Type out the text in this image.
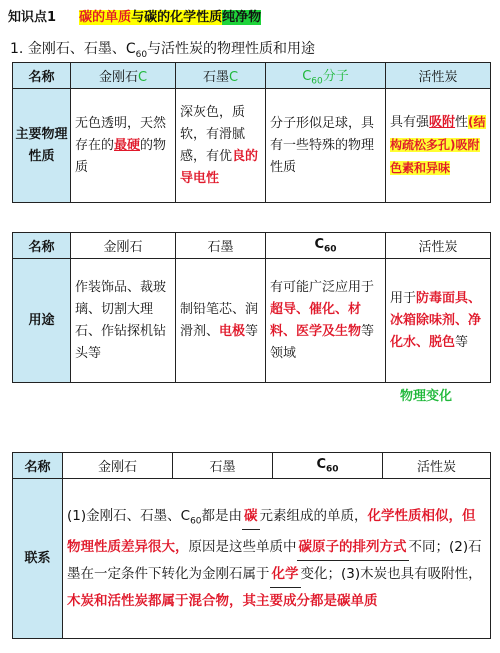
知识点1 碳的单质与碳的化学性质纯净物
1. 金刚石、石墨、$C_{60}$与活性炭的物理性质和用途
名称	金刚石C	石墨C	$C_{60}$分子	活性炭
主要物理性质	无色透明，天然存在的最硬的物质	深灰色，质软，有滑腻感，有优良的导电性	分子形似足球，具有一些特殊的物理性质	具有强吸附性(结构疏松多孔)吸附色素和异味
名称	金刚石	石墨	$C_{60}$	活性炭
用途	作装饰品、裁玻璃、切割大理石、作钻探机钻头等	制铅笔芯、润滑剂、电极等	有可能广泛应用于超导、催化、材料、医学及生物等领域	用于防毒面具、冰箱除味剂、净化水、脱色等
物理变化
名称	金刚石	石墨	$C_{60}$	活性炭
联系	(1)金刚石、石墨、$C_{60}$都是由 碳 元素组成的单质，化学性质相似，但物理性质差异很大，原因是这些单质中 碳原子的排列方式 不同；(2)石墨在一定条件下转化为金刚石属于 化学 变化；(3)木炭也具有吸附性，木炭和活性炭都属于混合物，其主要成分都是碳单质			
